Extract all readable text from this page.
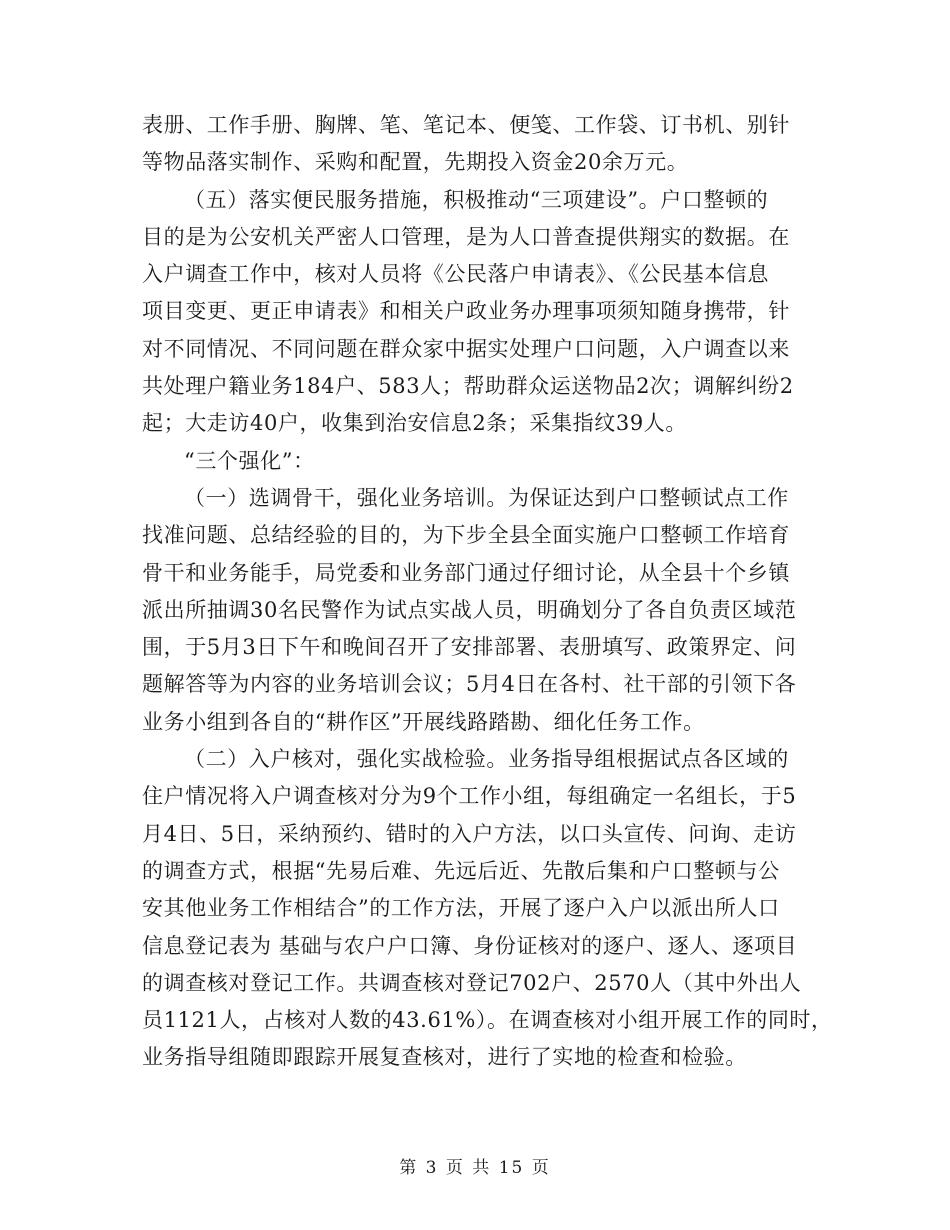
表册、工作手册、胸牌、笔、笔记本、便笺、工作袋、订书机、别针
等物品落实制作、采购和配置，先期投入资金20余万元。
（五）落实便民服务措施，积极推动“三项建设”。户口整顿的
目的是为公安机关严密人口管理，是为人口普查提供翔实的数据。在
入户调查工作中，核对人员将《公民落户申请表》、《公民基本信息
项目变更、更正申请表》和相关户政业务办理事项须知随身携带，针
对不同情况、不同问题在群众家中据实处理户口问题，入户调查以来
共处理户籍业务184户、583人；帮助群众运送物品2次；调解纠纷2
起；大走访40户，收集到治安信息2条；采集指纹39人。
“三个强化”：
（一）选调骨干，强化业务培训。为保证达到户口整顿试点工作
找准问题、总结经验的目的，为下步全县全面实施户口整顿工作培育
骨干和业务能手，局党委和业务部门通过仔细讨论，从全县十个乡镇
派出所抽调30名民警作为试点实战人员，明确划分了各自负责区域范
围，于5月3日下午和晚间召开了安排部署、表册填写、政策界定、问
题解答等为内容的业务培训会议；5月4日在各村、社干部的引领下各
业务小组到各自的“耕作区”开展线路踏勘、细化任务工作。
（二）入户核对，强化实战检验。业务指导组根据试点各区域的
住户情况将入户调查核对分为9个工作小组，每组确定一名组长，于5
月4日、5日，采纳预约、错时的入户方法，以口头宣传、问询、走访
的调查方式，根据“先易后难、先远后近、先散后集和户口整顿与公
安其他业务工作相结合”的工作方法，开展了逐户入户以派出所人口
信息登记表为 基础与农户户口簿、身份证核对的逐户、逐人、逐项目
的调查核对登记工作。共调查核对登记702户、2570人（其中外出人
员1121人，占核对人数的43.61%）。在调查核对小组开展工作的同时，
业务指导组随即跟踪开展复查核对，进行了实地的检查和检验。
第 3 页 共 15 页
